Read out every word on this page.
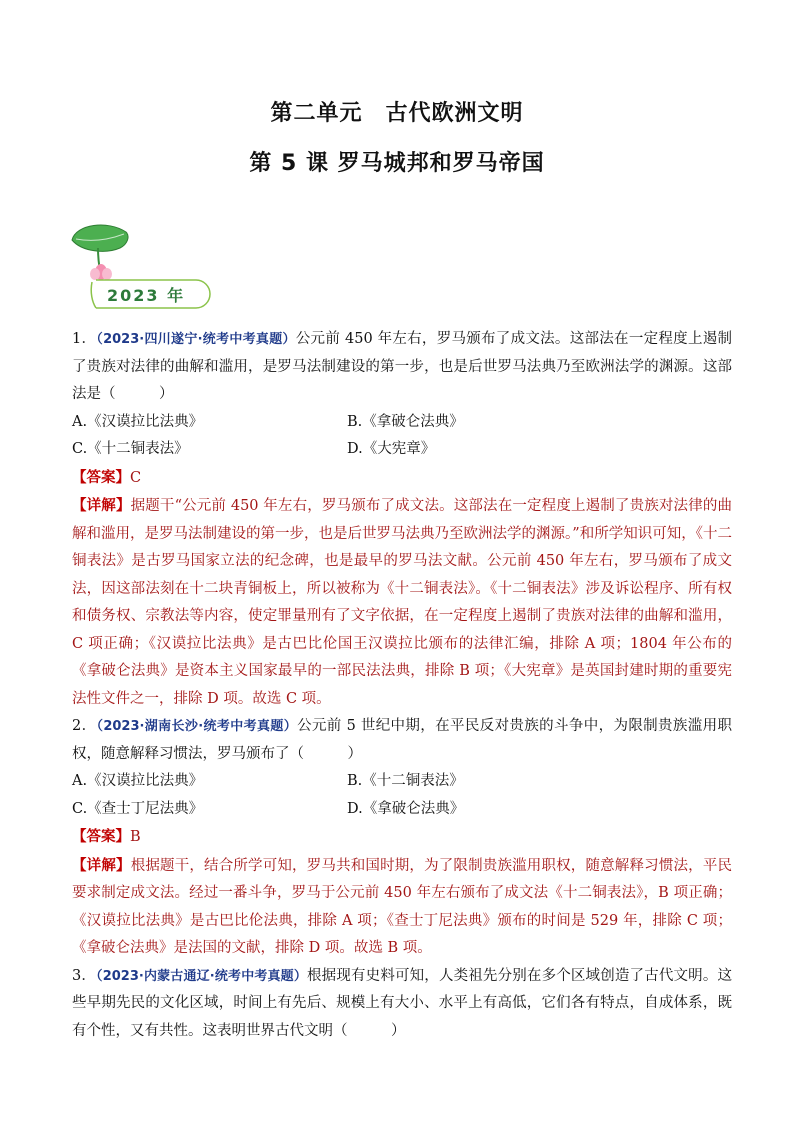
第二单元　古代欧洲文明
第 5 课 罗马城邦和罗马帝国
2023 年

1．（2023·四川遂宁·统考中考真题）公元前 450 年左右，罗马颁布了成文法。这部法在一定程度上遏制了贵族对法律的曲解和滥用，是罗马法制建设的第一步，也是后世罗马法典乃至欧洲法学的渊源。这部法是（　　　）

A.《汉谟拉比法典》	B.《拿破仑法典》
C.《十二铜表法》	D.《大宪章》

【答案】C

【详解】据题干“公元前 450 年左右，罗马颁布了成文法。这部法在一定程度上遏制了贵族对法律的曲解和滥用，是罗马法制建设的第一步，也是后世罗马法典乃至欧洲法学的渊源。”和所学知识可知，《十二铜表法》是古罗马国家立法的纪念碑，也是最早的罗马法文献。公元前 450 年左右，罗马颁布了成文法，因这部法刻在十二块青铜板上，所以被称为《十二铜表法》。《十二铜表法》涉及诉讼程序、所有权和债务权、宗教法等内容，使定罪量刑有了文字依据，在一定程度上遏制了贵族对法律的曲解和滥用，C 项正确；《汉谟拉比法典》是古巴比伦国王汉谟拉比颁布的法律汇编，排除 A 项；1804 年公布的《拿破仑法典》是资本主义国家最早的一部民法法典，排除 B 项；《大宪章》是英国封建时期的重要宪法性文件之一，排除 D 项。故选 C 项。

2．（2023·湖南长沙·统考中考真题）公元前 5 世纪中期，在平民反对贵族的斗争中，为限制贵族滥用职权，随意解释习惯法，罗马颁布了（　　　）

A.《汉谟拉比法典》	B.《十二铜表法》
C.《查士丁尼法典》	D.《拿破仑法典》

【答案】B

【详解】根据题干，结合所学可知，罗马共和国时期，为了限制贵族滥用职权，随意解释习惯法，平民要求制定成文法。经过一番斗争，罗马于公元前 450 年左右颁布了成文法《十二铜表法》，B 项正确；《汉谟拉比法典》是古巴比伦法典，排除 A 项；《查士丁尼法典》颁布的时间是 529 年，排除 C 项；《拿破仑法典》是法国的文献，排除 D 项。故选 B 项。

3．（2023·内蒙古通辽·统考中考真题）根据现有史料可知，人类祖先分别在多个区域创造了古代文明。这些早期先民的文化区域，时间上有先后、规模上有大小、水平上有高低，它们各有特点，自成体系，既有个性，又有共性。这表明世界古代文明（　　　）
